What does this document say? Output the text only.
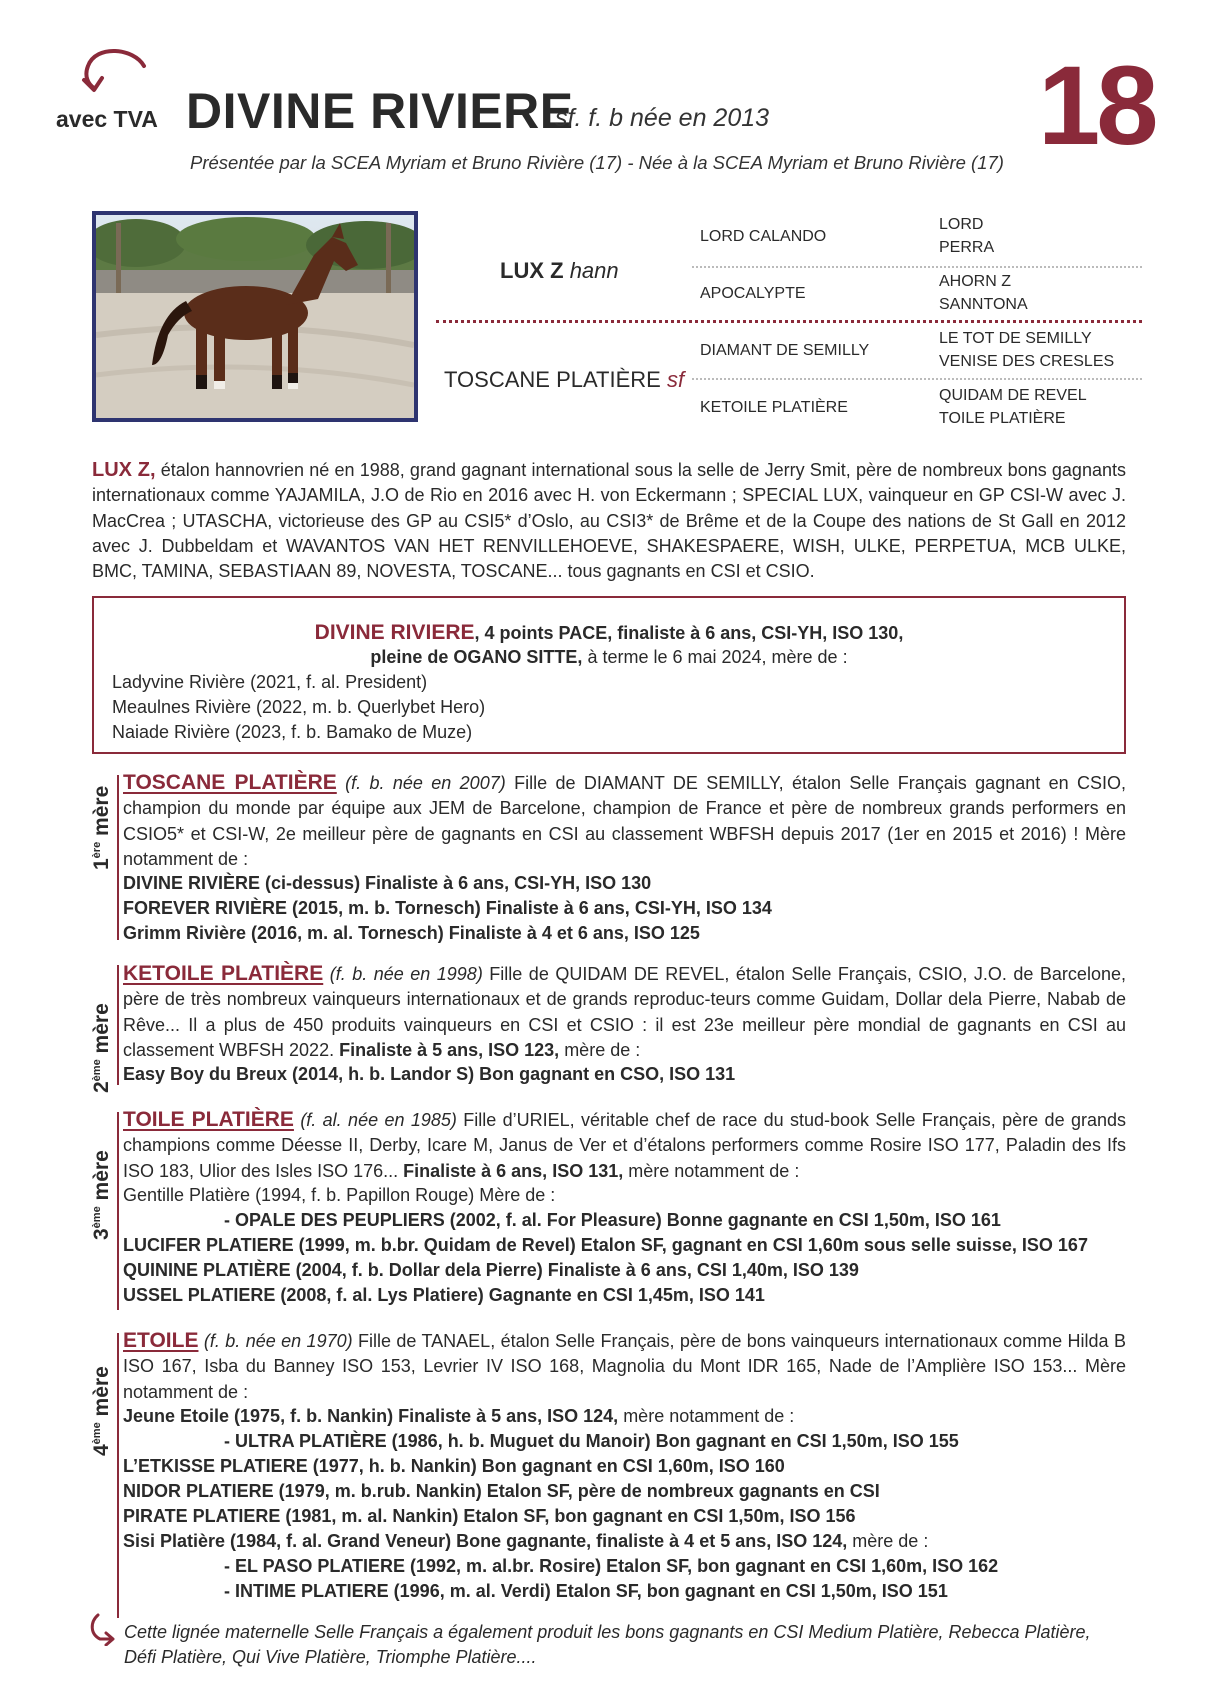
avec TVA DIVINE RIVIERE
sf. f. b née en 2013 18
Présentée par la SCEA Myriam et Bruno Rivière (17) - Née à la SCEA Myriam et Bruno Rivière (17)
LUX Z hann
TOSCANE PLATIÈRE sf
LORD CALANDO
APOCALYPTE
DIAMANT DE SEMILLY
KETOILE PLATIÈRE
LORD
PERRA
AHORN Z
SANNTONA
LE TOT DE SEMILLY
VENISE DES CRESLES
QUIDAM DE REVEL
TOILE PLATIÈRE
LUX Z, étalon hannovrien né en 1988, grand gagnant international sous la selle de Jerry Smit, père de nombreux bons gagnants internationaux comme YAJAMILA, J.O de Rio en 2016 avec H. von Eckermann ; SPECIAL LUX, vainqueur en GP CSI-W avec J. MacCrea ; UTASCHA, victorieuse des GP au CSI5* d’Oslo, au CSI3* de Brême et de la Coupe des nations de St Gall en 2012 avec J. Dubbeldam et WAVANTOS VAN HET RENVILLEHOEVE, SHAKESPAERE, WISH, ULKE, PERPETUA, MCB ULKE, BMC, TAMINA, SEBASTIAAN 89, NOVESTA, TOSCANE... tous gagnants en CSI et CSIO.
DIVINE RIVIERE, 4 points PACE, finaliste à 6 ans, CSI-YH, ISO 130,
pleine de OGANO SITTE, à terme le 6 mai 2024, mère de :
Ladyvine Rivière (2021, f. al. President)
Meaulnes Rivière (2022, m. b. Querlybet Hero)
Naiade Rivière (2023, f. b. Bamako de Muze)
1ère mère
TOSCANE PLATIÈRE (f. b. née en 2007) Fille de DIAMANT DE SEMILLY, étalon Selle Français gagnant en CSIO, champion du monde par équipe aux JEM de Barcelone, champion de France et père de nombreux grands performers en CSIO5* et CSI-W, 2e meilleur père de gagnants en CSI au classement WBFSH depuis 2017 (1er en 2015 et 2016) ! Mère notamment de :
DIVINE RIVIÈRE (ci-dessus) Finaliste à 6 ans, CSI-YH, ISO 130
FOREVER RIVIÈRE (2015, m. b. Tornesch) Finaliste à 6 ans, CSI-YH, ISO 134
Grimm Rivière (2016, m. al. Tornesch) Finaliste à 4 et 6 ans, ISO 125
2ème mère
KETOILE PLATIÈRE (f. b. née en 1998) Fille de QUIDAM DE REVEL, étalon Selle Français, CSIO, J.O. de Barcelone, père de très nombreux vainqueurs internationaux et de grands reproduc-teurs comme Guidam, Dollar dela Pierre, Nabab de Rêve... Il a plus de 450 produits vainqueurs en CSI et CSIO : il est 23e meilleur père mondial de gagnants en CSI au classement WBFSH 2022. Finaliste à 5 ans, ISO 123, mère de :
Easy Boy du Breux (2014, h. b. Landor S) Bon gagnant en CSO, ISO 131
3ème mère
TOILE PLATIÈRE (f. al. née en 1985) Fille d’URIEL, véritable chef de race du stud-book Selle Français, père de grands champions comme Déesse II, Derby, Icare M, Janus de Ver et d’étalons performers comme Rosire ISO 177, Paladin des Ifs ISO 183, Ulior des Isles ISO 176... Finaliste à 6 ans, ISO 131, mère notamment de :
Gentille Platière (1994, f. b. Papillon Rouge) Mère de :
- OPALE DES PEUPLIERS (2002, f. al. For Pleasure) Bonne gagnante en CSI 1,50m, ISO 161
LUCIFER PLATIERE (1999, m. b.br. Quidam de Revel) Etalon SF, gagnant en CSI 1,60m sous selle suisse, ISO 167
QUININE PLATIÈRE (2004, f. b. Dollar dela Pierre) Finaliste à 6 ans, CSI 1,40m, ISO 139
USSEL PLATIERE (2008, f. al. Lys Platiere) Gagnante en CSI 1,45m, ISO 141
4ème mère
ETOILE (f. b. née en 1970) Fille de TANAEL, étalon Selle Français, père de bons vainqueurs internationaux comme Hilda B ISO 167, Isba du Banney ISO 153, Levrier IV ISO 168, Magnolia du Mont IDR 165, Nade de l’Amplière ISO 153... Mère notamment de :
Jeune Etoile (1975, f. b. Nankin) Finaliste à 5 ans, ISO 124, mère notamment de :
- ULTRA PLATIÈRE (1986, h. b. Muguet du Manoir) Bon gagnant en CSI 1,50m, ISO 155
L’ETKISSE PLATIERE (1977, h. b. Nankin) Bon gagnant en CSI 1,60m, ISO 160
NIDOR PLATIERE (1979, m. b.rub. Nankin) Etalon SF, père de nombreux gagnants en CSI
PIRATE PLATIERE (1981, m. al. Nankin) Etalon SF, bon gagnant en CSI 1,50m, ISO 156
Sisi Platière (1984, f. al. Grand Veneur) Bone gagnante, finaliste à 4 et 5 ans, ISO 124, mère de :
- EL PASO PLATIERE (1992, m. al.br. Rosire) Etalon SF, bon gagnant en CSI 1,60m, ISO 162
- INTIME PLATIERE (1996, m. al. Verdi) Etalon SF, bon gagnant en CSI 1,50m, ISO 151
Cette lignée maternelle Selle Français a également produit les bons gagnants en CSI Medium Platière, Rebecca Platière, Défi Platière, Qui Vive Platière, Triomphe Platière....
